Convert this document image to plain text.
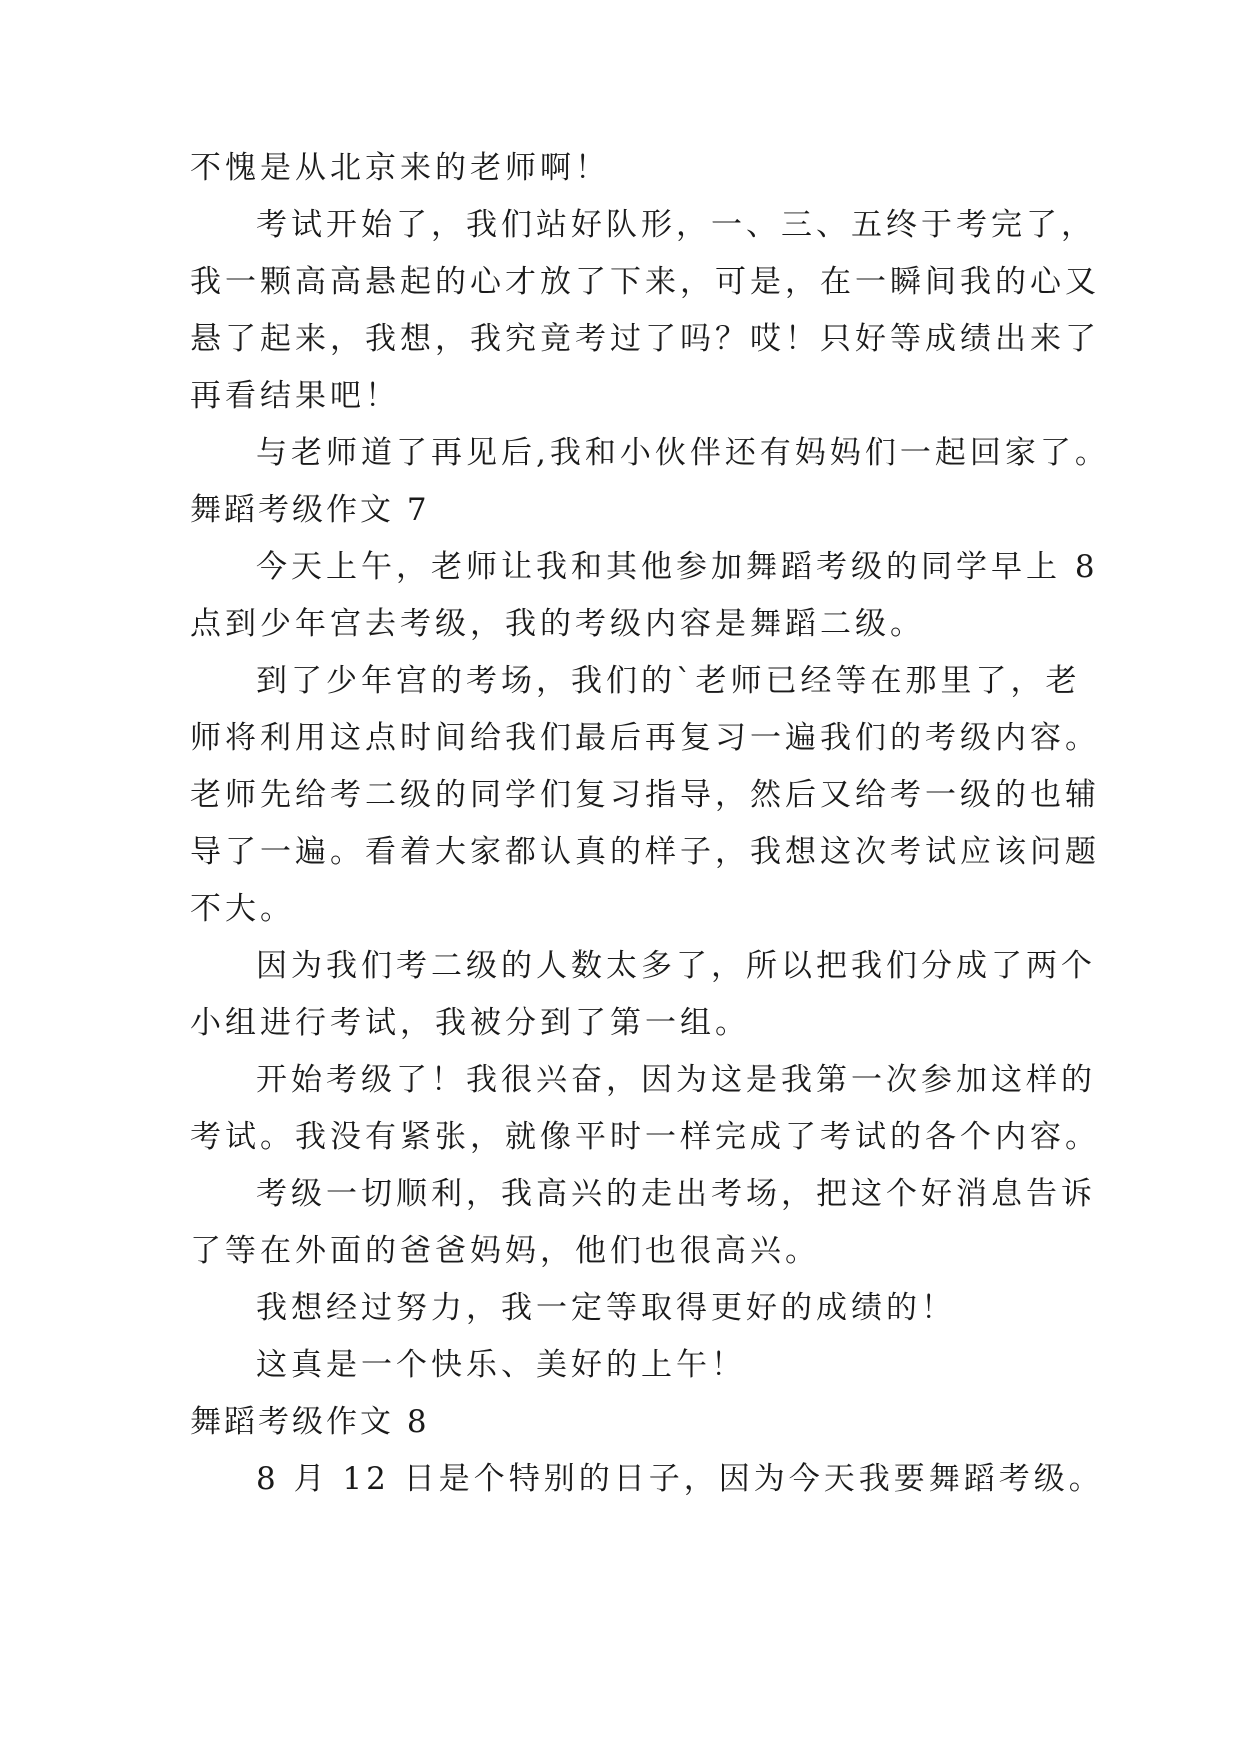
不愧是从北京来的老师啊！
考试开始了，我们站好队形，一、三、五终于考完了，
我一颗高高悬起的心才放了下来，可是，在一瞬间我的心又
悬了起来，我想，我究竟考过了吗？哎！只好等成绩出来了
再看结果吧！
与老师道了再见后,我和小伙伴还有妈妈们一起回家了。
舞蹈考级作文 7
今天上午，老师让我和其他参加舞蹈考级的同学早上 8
点到少年宫去考级，我的考级内容是舞蹈二级。
到了少年宫的考场，我们的`老师已经等在那里了，老
师将利用这点时间给我们最后再复习一遍我们的考级内容。
老师先给考二级的同学们复习指导，然后又给考一级的也辅
导了一遍。看着大家都认真的样子，我想这次考试应该问题
不大。
因为我们考二级的人数太多了，所以把我们分成了两个
小组进行考试，我被分到了第一组。
开始考级了！我很兴奋，因为这是我第一次参加这样的
考试。我没有紧张，就像平时一样完成了考试的各个内容。
考级一切顺利，我高兴的走出考场，把这个好消息告诉
了等在外面的爸爸妈妈，他们也很高兴。
我想经过努力，我一定等取得更好的成绩的！
这真是一个快乐、美好的上午！
舞蹈考级作文 8
8 月 12 日是个特别的日子，因为今天我要舞蹈考级。
